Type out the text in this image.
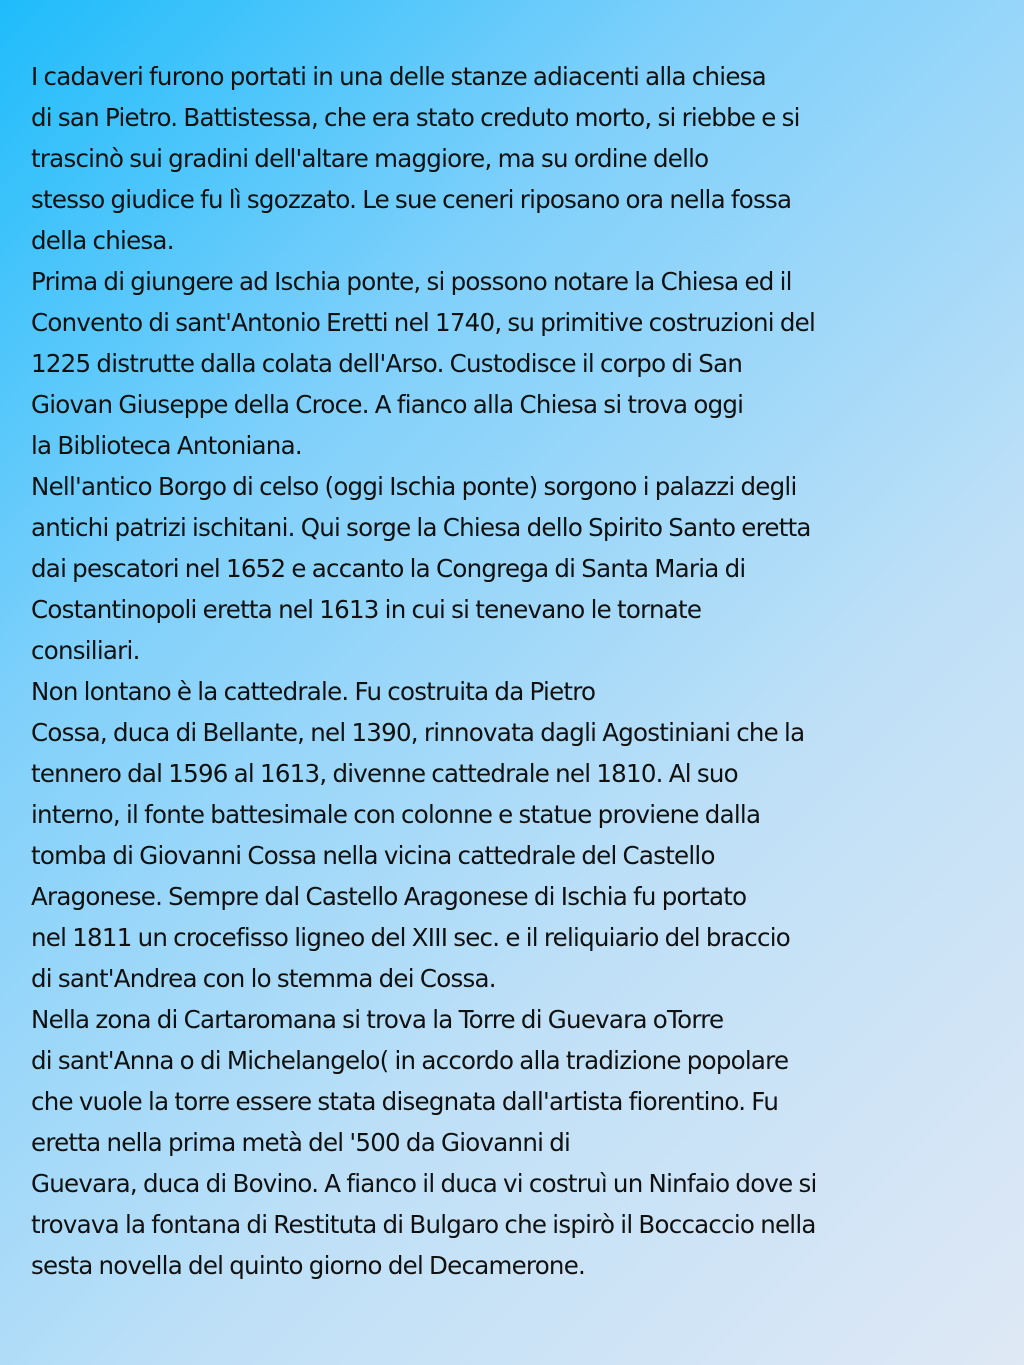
I cadaveri furono portati in una delle stanze adiacenti alla chiesa
di san Pietro. Battistessa, che era stato creduto morto, si riebbe e si
trascinò sui gradini dell'altare maggiore, ma su ordine dello
stesso giudice fu lì sgozzato. Le sue ceneri riposano ora nella fossa
della chiesa.
Prima di giungere ad Ischia ponte, si possono notare la Chiesa ed il
Convento di sant'Antonio Eretti nel 1740, su primitive costruzioni del
1225 distrutte dalla colata dell'Arso. Custodisce il corpo di San
Giovan Giuseppe della Croce. A fianco alla Chiesa si trova oggi
la Biblioteca Antoniana.
Nell'antico Borgo di celso (oggi Ischia ponte) sorgono i palazzi degli
antichi patrizi ischitani. Qui sorge la Chiesa dello Spirito Santo eretta
dai pescatori nel 1652 e accanto la Congrega di Santa Maria di
Costantinopoli eretta nel 1613 in cui si tenevano le tornate
consiliari.
Non lontano è la cattedrale. Fu costruita da Pietro
Cossa, duca di Bellante, nel 1390, rinnovata dagli Agostiniani che la
tennero dal 1596 al 1613, divenne cattedrale nel 1810. Al suo
interno, il fonte battesimale con colonne e statue proviene dalla
tomba di Giovanni Cossa nella vicina cattedrale del Castello
Aragonese. Sempre dal Castello Aragonese di Ischia fu portato
nel 1811 un crocefisso ligneo del XIII sec. e il reliquiario del braccio
di sant'Andrea con lo stemma dei Cossa.
Nella zona di Cartaromana si trova la Torre di Guevara oTorre
di sant'Anna o di Michelangelo( in accordo alla tradizione popolare
che vuole la torre essere stata disegnata dall'artista fiorentino. Fu
eretta nella prima metà del '500 da Giovanni di
Guevara, duca di Bovino. A fianco il duca vi costruì un Ninfaio dove si
trovava la fontana di Restituta di Bulgaro che ispirò il Boccaccio nella
sesta novella del quinto giorno del Decamerone.
